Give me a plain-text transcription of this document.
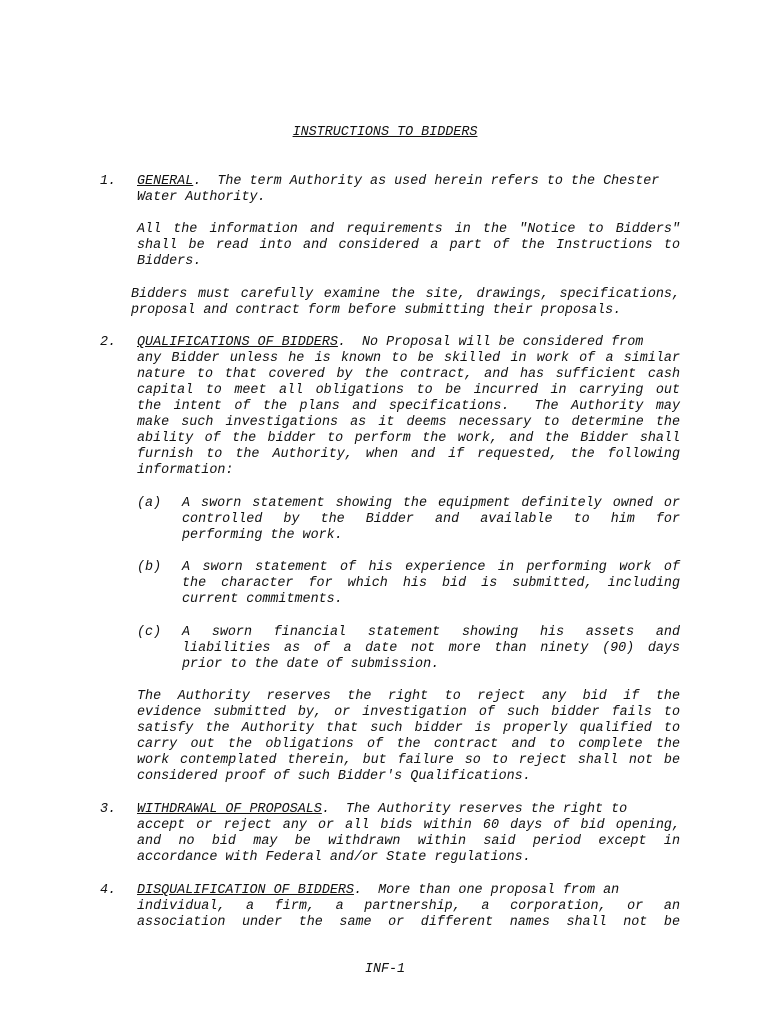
INSTRUCTIONS TO BIDDERS
1. GENERAL.  The term Authority as used herein refers to the Chester
Water Authority.
All the information and requirements in the "Notice to Bidders"
shall be read into and considered a part of the Instructions to
Bidders.
Bidders must carefully examine the site, drawings, specifications,
proposal and contract form before submitting their proposals.
2. QUALIFICATIONS OF BIDDERS.  No Proposal will be considered from
any Bidder unless he is known to be skilled in work of a similar
nature to that covered by the contract, and has sufficient cash
capital to meet all obligations to be incurred in carrying out
the intent of the plans and specifications.  The Authority may
make such investigations as it deems necessary to determine the
ability of the bidder to perform the work, and the Bidder shall
furnish to the Authority, when and if requested, the following
information:
(a) A sworn statement showing the equipment definitely owned or
controlled by the Bidder and available to him for
performing the work.
(b) A sworn statement of his experience in performing work of
the character for which his bid is submitted, including
current commitments.
(c) A sworn financial statement showing his assets and
liabilities as of a date not more than ninety (90) days
prior to the date of submission.
The Authority reserves the right to reject any bid if the
evidence submitted by, or investigation of such bidder fails to
satisfy the Authority that such bidder is properly qualified to
carry out the obligations of the contract and to complete the
work contemplated therein, but failure so to reject shall not be
considered proof of such Bidder's Qualifications.
3. WITHDRAWAL OF PROPOSALS.  The Authority reserves the right to
accept or reject any or all bids within 60 days of bid opening,
and no bid may be withdrawn within said period except in
accordance with Federal and/or State regulations.
4. DISQUALIFICATION OF BIDDERS.  More than one proposal from an
individual, a firm, a partnership, a corporation, or an
association under the same or different names shall not be
INF-1
